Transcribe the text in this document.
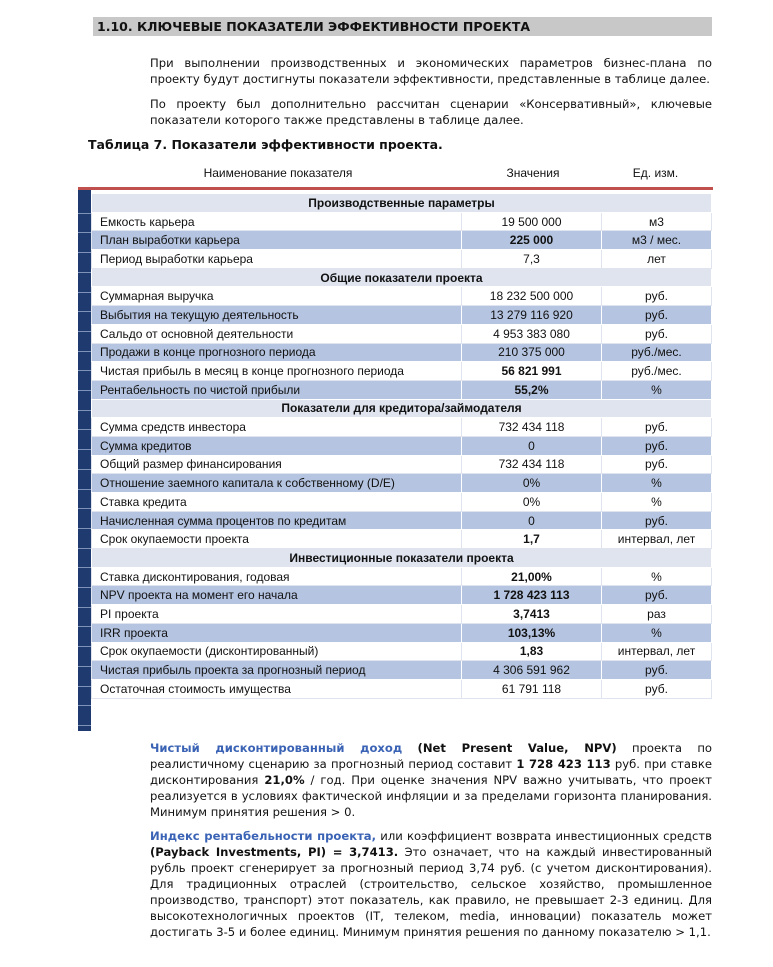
1.10. КЛЮЧЕВЫЕ ПОКАЗАТЕЛИ ЭФФЕКТИВНОСТИ ПРОЕКТА
При выполнении производственных и экономических параметров бизнес-плана по проекту будут достигнуты показатели эффективности, представленные в таблице далее.
По проекту был дополнительно рассчитан сценарии «Консервативный», ключевые показатели которого также представлены в таблице далее.
Таблица 7. Показатели эффективности проекта.
Наименование показателя	Значения	Ед. изм.
Производственные параметры		
Емкость карьера	19 500 000	м3
План выработки карьера	225 000	м3 / мес.
Период выработки карьера	7,3	лет
Общие показатели проекта		
Суммарная выручка	18 232 500 000	руб.
Выбытия на текущую деятельность	13 279 116 920	руб.
Сальдо от основной деятельности	4 953 383 080	руб.
Продажи в конце прогнозного периода	210 375 000	руб./мес.
Чистая прибыль в месяц в конце прогнозного периода	56 821 991	руб./мес.
Рентабельность по чистой прибыли	55,2%	%
Показатели для кредитора/займодателя		
Сумма средств инвестора	732 434 118	руб.
Сумма кредитов	0	руб.
Общий размер финансирования	732 434 118	руб.
Отношение заемного капитала к собственному (D/E)	0%	%
Ставка кредита	0%	%
Начисленная сумма процентов по кредитам	0	руб.
Срок окупаемости проекта	1,7	интервал, лет
Инвестиционные показатели проекта		
Ставка дисконтирования, годовая	21,00%	%
NPV проекта на момент его начала	1 728 423 113	руб.
PI проекта	3,7413	раз
IRR проекта	103,13%	%
Срок окупаемости (дисконтированный)	1,83	интервал, лет
Чистая прибыль проекта за прогнозный период	4 306 591 962	руб.
Остаточная стоимость имущества	61 791 118	руб.
Чистый дисконтированный доход (Net Present Value, NPV) проекта по реалистичному сценарию за прогнозный период составит 1 728 423 113 руб. при ставке дисконтирования 21,0% / год. При оценке значения NPV важно учитывать, что проект реализуется в условиях фактической инфляции и за пределами горизонта планирования. Минимум принятия решения > 0.
Индекс рентабельности проекта, или коэффициент возврата инвестиционных средств (Payback Investments, PI) = 3,7413. Это означает, что на каждый инвестированный рубль проект сгенерирует за прогнозный период 3,74 руб. (с учетом дисконтирования). Для традиционных отраслей (строительство, сельское хозяйство, промышленное производство, транспорт) этот показатель, как правило, не превышает 2-3 единиц. Для высокотехнологичных проектов (IT, телеком, media, инновации) показатель может достигать 3-5 и более единиц. Минимум принятия решения по данному показателю > 1,1.
